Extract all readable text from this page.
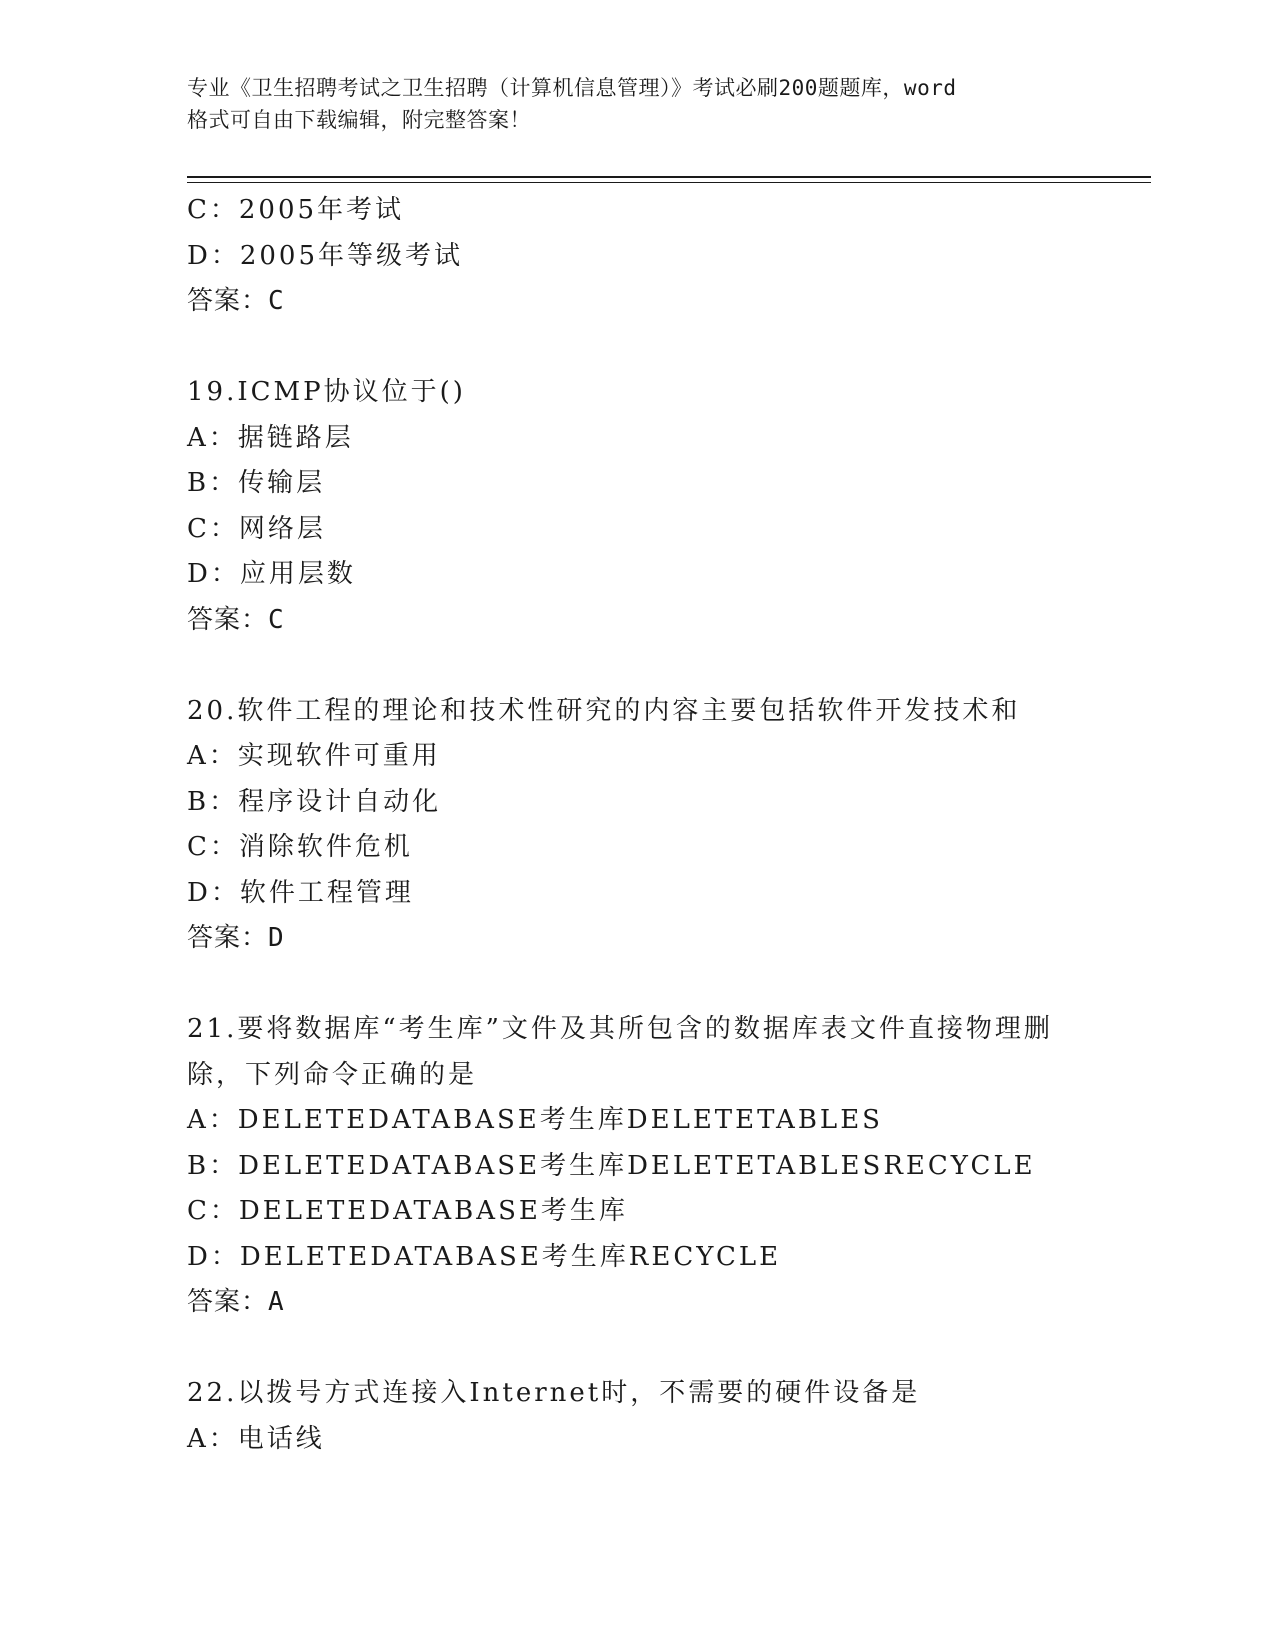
专业《卫生招聘考试之卫生招聘（计算机信息管理）》考试必刷200题题库，word
格式可自由下载编辑，附完整答案！
C：2005年考试
D：2005年等级考试
答案：C
19.ICMP协议位于()
A：据链路层
B：传输层
C：网络层
D：应用层数
答案：C
20.软件工程的理论和技术性研究的内容主要包括软件开发技术和
A：实现软件可重用
B：程序设计自动化
C：消除软件危机
D：软件工程管理
答案：D
21.要将数据库“考生库”文件及其所包含的数据库表文件直接物理删
除，下列命令正确的是
A：DELETEDATABASE考生库DELETETABLES
B：DELETEDATABASE考生库DELETETABLESRECYCLE
C：DELETEDATABASE考生库
D：DELETEDATABASE考生库RECYCLE
答案：A
22.以拨号方式连接入Internet时，不需要的硬件设备是
A：电话线
